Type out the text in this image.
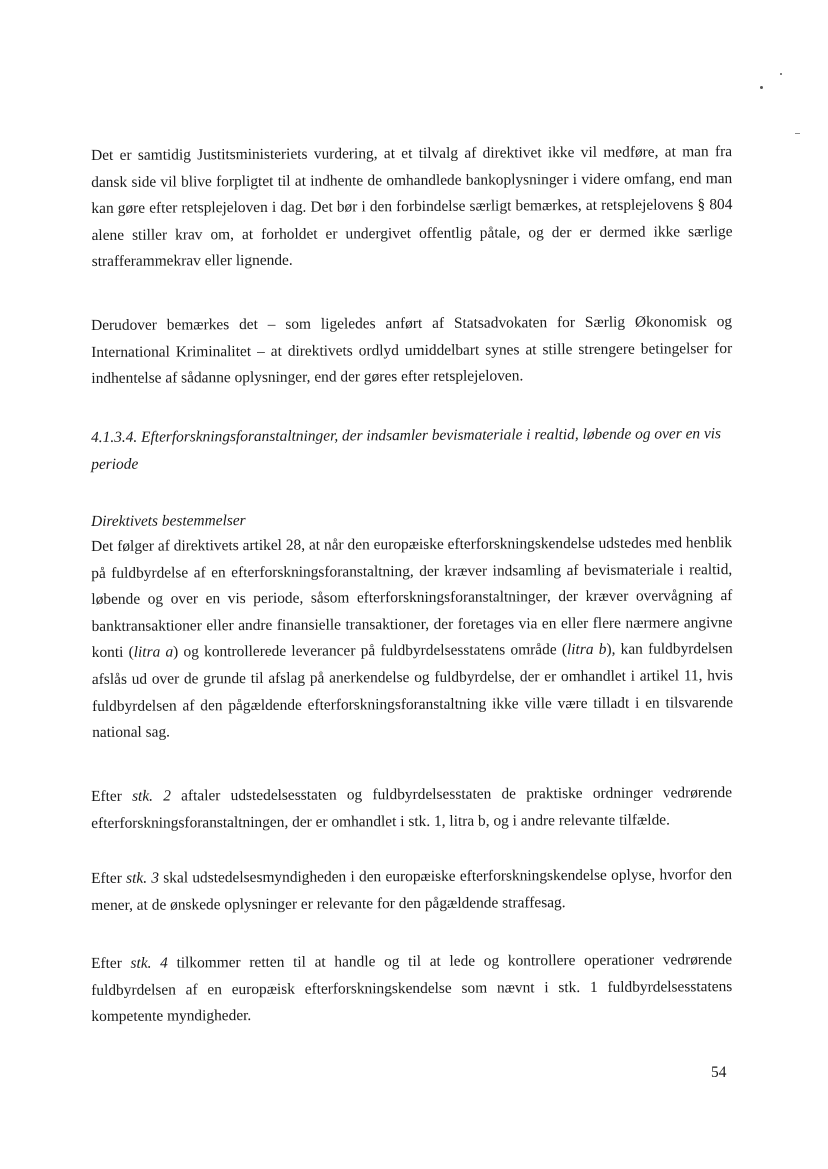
Det er samtidig Justitsministeriets vurdering, at et tilvalg af direktivet ikke vil medføre, at man fra dansk side vil blive forpligtet til at indhente de omhandlede bankoplysninger i videre omfang, end man kan gøre efter retsplejeloven i dag. Det bør i den forbindelse særligt bemærkes, at retsplejelovens § 804 alene stiller krav om, at forholdet er undergivet offentlig påtale, og der er dermed ikke særlige strafferammekrav eller lignende.

Derudover bemærkes det – som ligeledes anført af Statsadvokaten for Særlig Økonomisk og International Kriminalitet – at direktivets ordlyd umiddelbart synes at stille strengere betingelser for indhentelse af sådanne oplysninger, end der gøres efter retsplejeloven.

4.1.3.4. Efterforskningsforanstaltninger, der indsamler bevismateriale i realtid, løbende og over en vis periode

Direktivets bestemmelser

Det følger af direktivets artikel 28, at når den europæiske efterforskningskendelse udstedes med henblik på fuldbyrdelse af en efterforskningsforanstaltning, der kræver indsamling af bevismateriale i realtid, løbende og over en vis periode, såsom efterforskningsforanstaltninger, der kræver overvågning af banktransaktioner eller andre finansielle transaktioner, der foretages via en eller flere nærmere angivne konti (litra a) og kontrollerede leverancer på fuldbyrdelsesstatens område (litra b), kan fuldbyrdelsen afslås ud over de grunde til afslag på anerkendelse og fuldbyrdelse, der er omhandlet i artikel 11, hvis fuldbyrdelsen af den pågældende efterforskningsforanstaltning ikke ville være tilladt i en tilsvarende national sag.

Efter stk. 2 aftaler udstedelsesstaten og fuldbyrdelsesstaten de praktiske ordninger vedrørende efterforskningsforanstaltningen, der er omhandlet i stk. 1, litra b, og i andre relevante tilfælde.

Efter stk. 3 skal udstedelsesmyndigheden i den europæiske efterforskningskendelse oplyse, hvorfor den mener, at de ønskede oplysninger er relevante for den pågældende straffesag.

Efter stk. 4 tilkommer retten til at handle og til at lede og kontrollere operationer vedrørende fuldbyrdelsen af en europæisk efterforskningskendelse som nævnt i stk. 1 fuldbyrdelsesstatens kompetente myndigheder.

54
